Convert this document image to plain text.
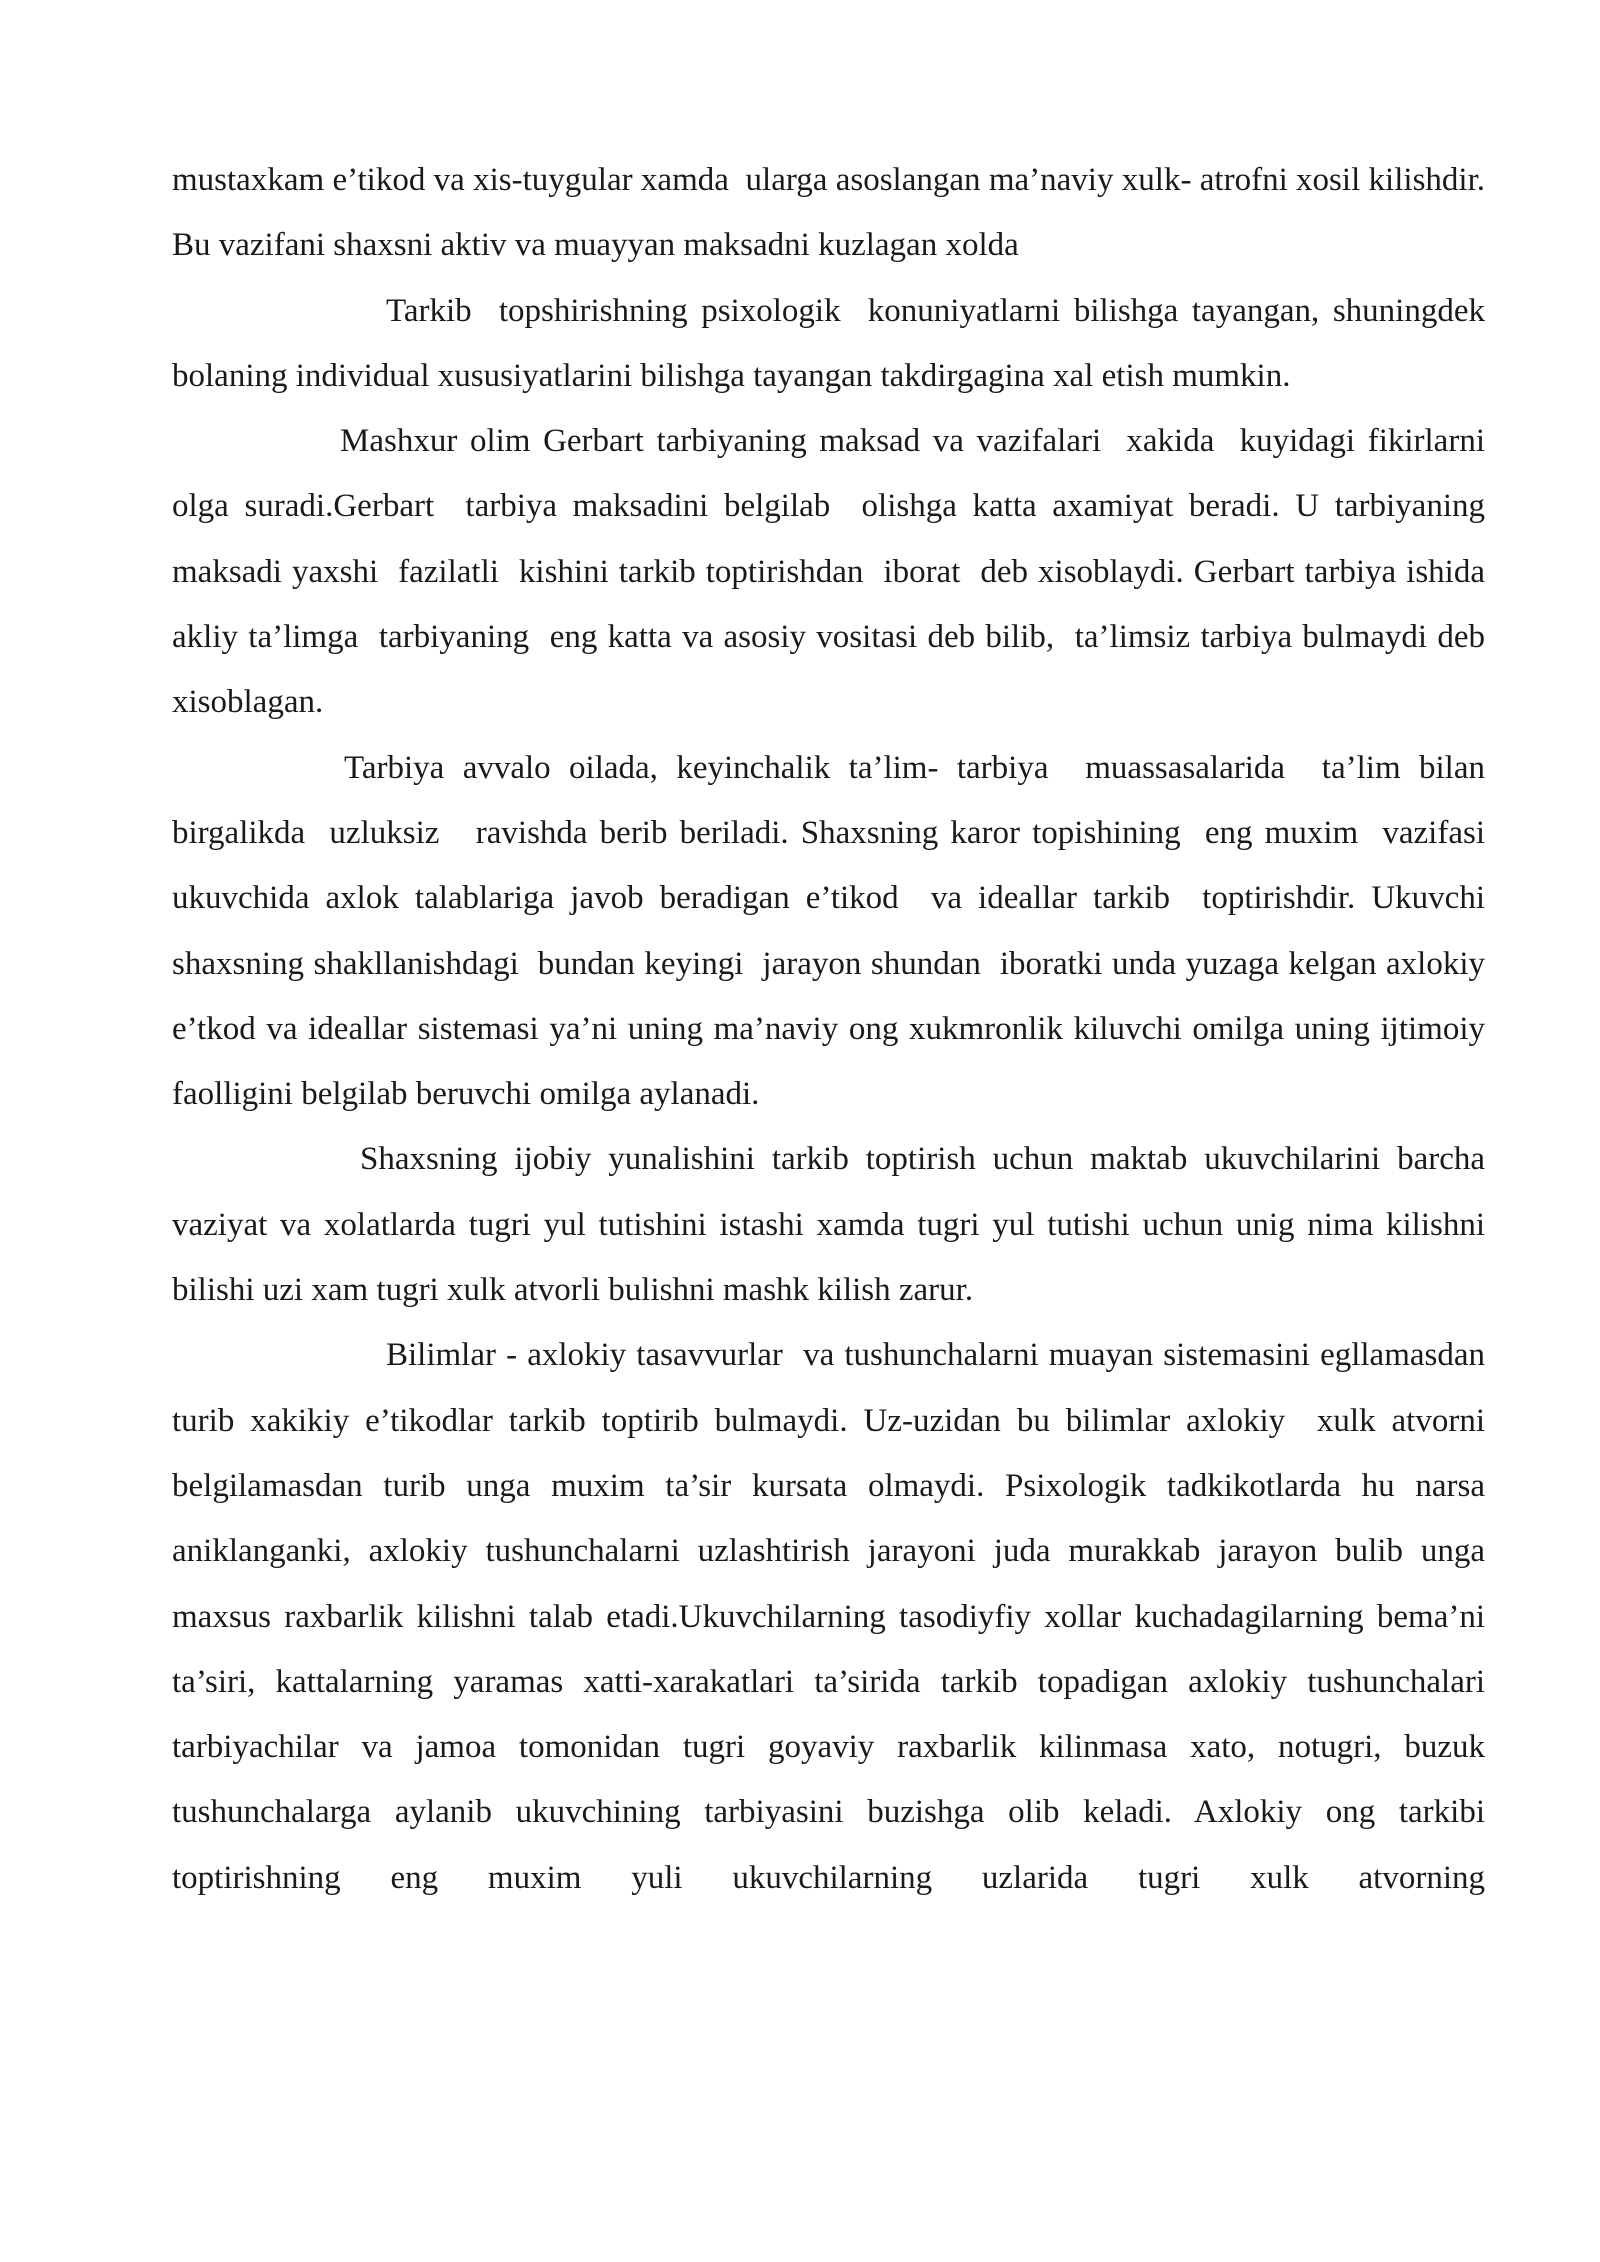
mustaxkam e’tikod va xis-tuygular xamda  ularga asoslangan ma’naviy xulk- atrofni xosil kilishdir. Bu vazifani shaxsni aktiv va muayyan maksadni kuzlagan xolda

Tarkib  topshirishning psixologik  konuniyatlarni bilishga tayangan, shuningdek bolaning individual xususiyatlarini bilishga tayangan takdirgagina xal etish mumkin.

Mashxur olim Gerbart tarbiyaning maksad va vazifalari  xakida  kuyidagi fikirlarni olga suradi.Gerbart  tarbiya maksadini belgilab  olishga katta axamiyat beradi. U tarbiyaning maksadi yaxshi  fazilatli  kishini tarkib toptirishdan  iborat  deb xisoblaydi. Gerbart tarbiya ishida akliy ta’limga  tarbiyaning  eng katta va asosiy vositasi deb bilib,  ta’limsiz tarbiya bulmaydi deb xisoblagan.

Tarbiya avvalo oilada, keyinchalik ta’lim- tarbiya  muassasalarida  ta’lim bilan birgalikda  uzluksiz   ravishda berib beriladi. Shaxsning karor topishining  eng muxim  vazifasi  ukuvchida axlok talablariga javob beradigan e’tikod  va ideallar tarkib  toptirishdir. Ukuvchi shaxsning shakllanishdagi  bundan keyingi  jarayon shundan  iboratki unda yuzaga kelgan axlokiy e’tkod va ideallar sistemasi ya’ni uning ma’naviy ong xukmronlik kiluvchi omilga uning ijtimoiy faolligini belgilab beruvchi omilga aylanadi.

Shaxsning ijobiy yunalishini tarkib toptirish uchun maktab ukuvchilarini barcha vaziyat va xolatlarda tugri yul tutishini istashi xamda tugri yul tutishi uchun unig nima kilishni bilishi uzi xam tugri xulk atvorli bulishni mashk kilish zarur.

Bilimlar - axlokiy tasavvurlar  va tushunchalarni muayan sistemasini egllamasdan turib xakikiy e’tikodlar tarkib toptirib bulmaydi. Uz-uzidan bu bilimlar axlokiy  xulk atvorni belgilamasdan turib unga muxim ta’sir kursata olmaydi. Psixologik tadkikotlarda hu narsa aniklanganki, axlokiy tushunchalarni uzlashtirish jarayoni juda murakkab jarayon bulib unga maxsus raxbarlik kilishni talab etadi.Ukuvchilarning tasodiyfiy xollar kuchadagilarning bema’ni ta’siri, kattalarning yaramas xatti-xarakatlari ta’sirida tarkib topadigan axlokiy tushunchalari tarbiyachilar va jamoa tomonidan tugri goyaviy raxbarlik kilinmasa xato, notugri, buzuk tushunchalarga aylanib ukuvchining tarbiyasini buzishga olib keladi. Axlokiy ong tarkibi toptirishning eng muxim yuli ukuvchilarning uzlarida tugri xulk atvorning
